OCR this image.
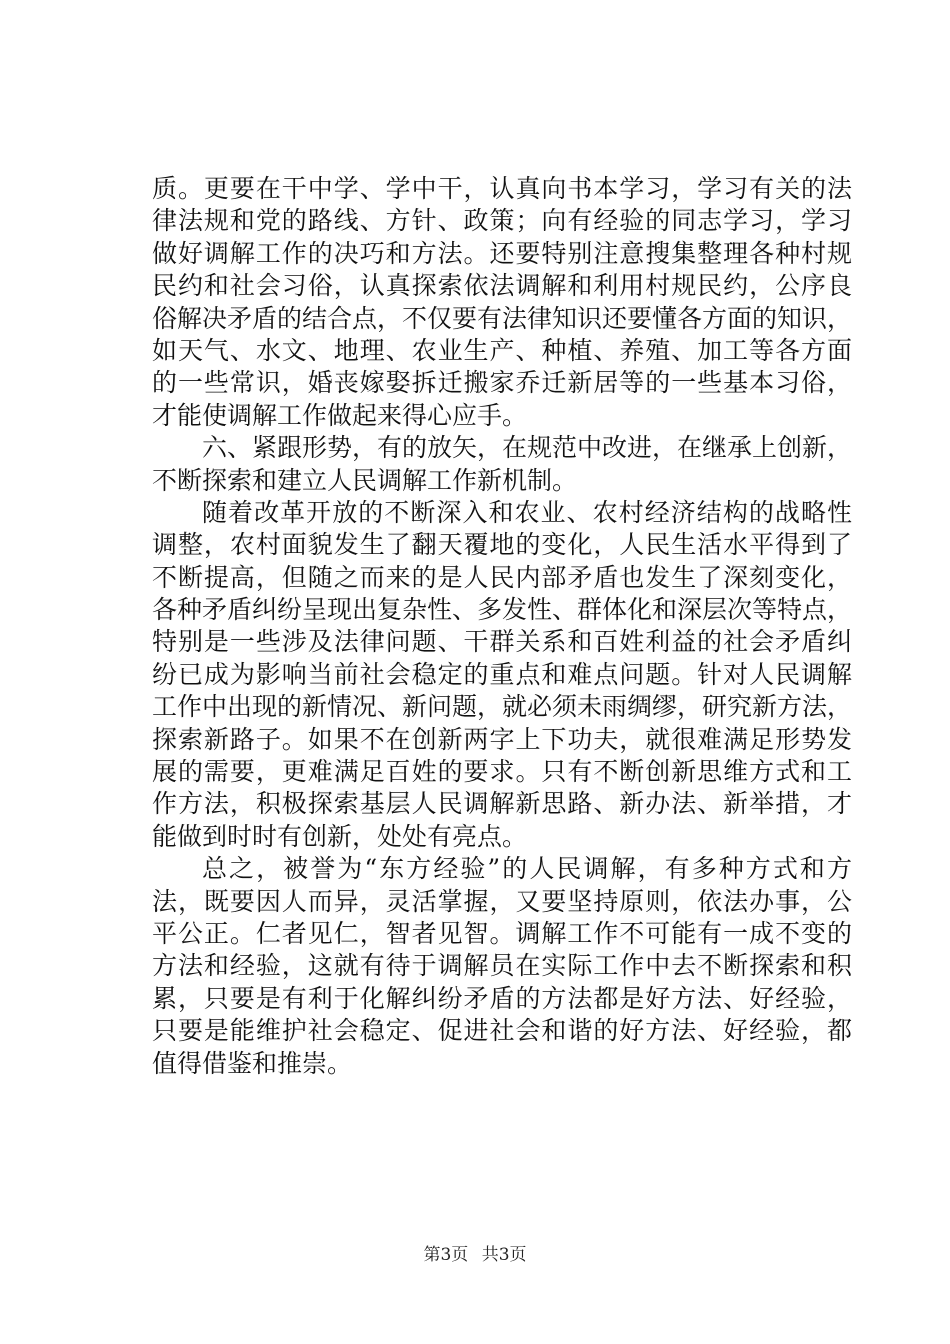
质。更要在干中学、学中干，认真向书本学习，学习有关的法
律法规和党的路线、方针、政策；向有经验的同志学习，学习
做好调解工作的决巧和方法。还要特别注意搜集整理各种村规
民约和社会习俗，认真探索依法调解和利用村规民约，公序良
俗解决矛盾的结合点，不仅要有法律知识还要懂各方面的知识，
如天气、水文、地理、农业生产、种植、养殖、加工等各方面
的一些常识，婚丧嫁娶拆迁搬家乔迁新居等的一些基本习俗，
才能使调解工作做起来得心应手。
六、紧跟形势，有的放矢，在规范中改进，在继承上创新，
不断探索和建立人民调解工作新机制。
随着改革开放的不断深入和农业、农村经济结构的战略性
调整，农村面貌发生了翻天覆地的变化，人民生活水平得到了
不断提高，但随之而来的是人民内部矛盾也发生了深刻变化，
各种矛盾纠纷呈现出复杂性、多发性、群体化和深层次等特点，
特别是一些涉及法律问题、干群关系和百姓利益的社会矛盾纠
纷已成为影响当前社会稳定的重点和难点问题。针对人民调解
工作中出现的新情况、新问题，就必须未雨绸缪，研究新方法，
探索新路子。如果不在创新两字上下功夫，就很难满足形势发
展的需要，更难满足百姓的要求。只有不断创新思维方式和工
作方法，积极探索基层人民调解新思路、新办法、新举措，才
能做到时时有创新，处处有亮点。
总之，被誉为“东方经验”的人民调解，有多种方式和方
法，既要因人而异，灵活掌握，又要坚持原则，依法办事，公
平公正。仁者见仁，智者见智。调解工作不可能有一成不变的
方法和经验，这就有待于调解员在实际工作中去不断探索和积
累，只要是有利于化解纠纷矛盾的方法都是好方法、好经验，
只要是能维护社会稳定、促进社会和谐的好方法、好经验，都
值得借鉴和推崇。
第3页 共3页
